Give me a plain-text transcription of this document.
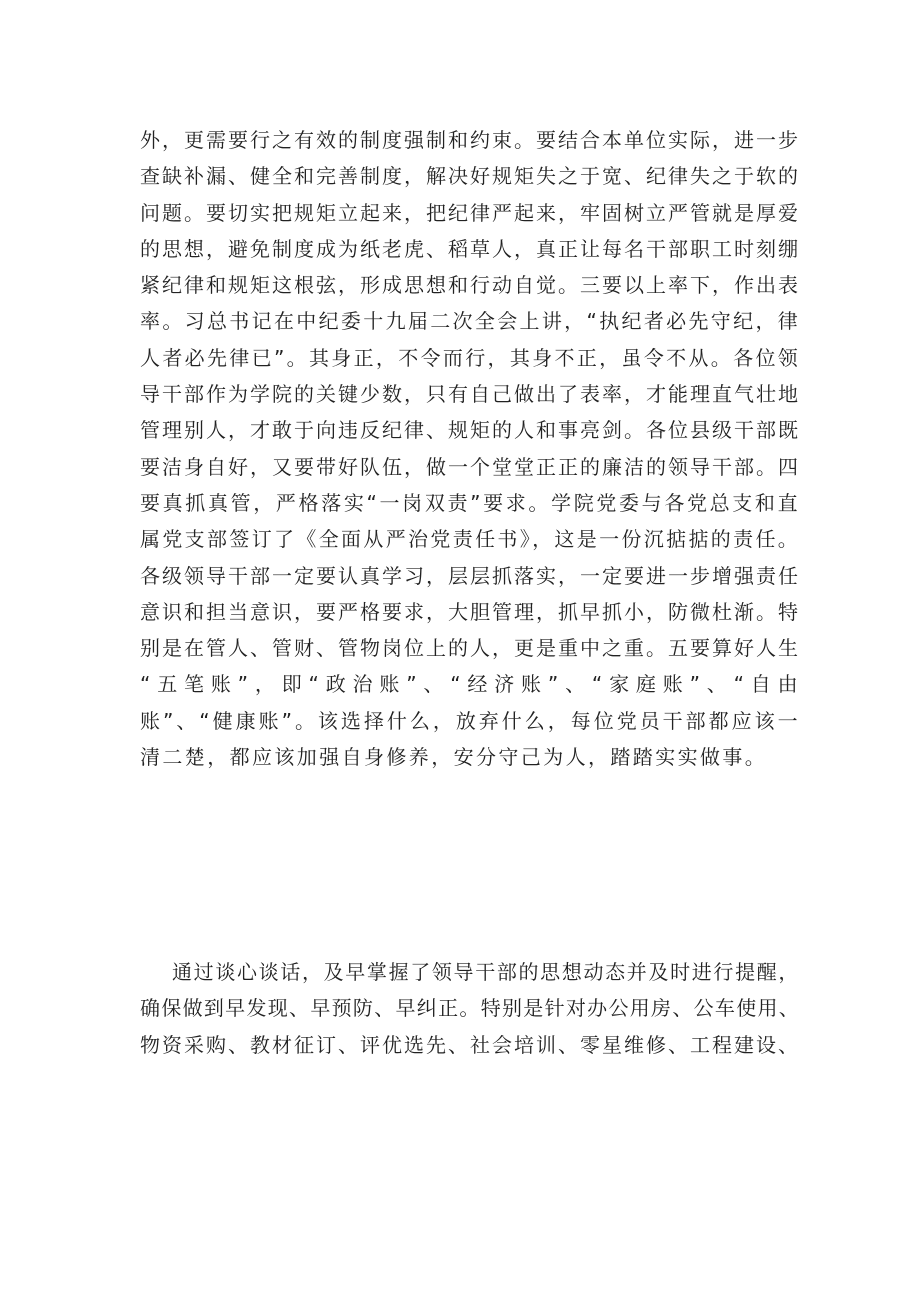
外，更需要行之有效的制度强制和约束。要结合本单位实际，进一步
查缺补漏、健全和完善制度，解决好规矩失之于宽、纪律失之于软的
问题。要切实把规矩立起来，把纪律严起来，牢固树立严管就是厚爱
的思想，避免制度成为纸老虎、稻草人，真正让每名干部职工时刻绷
紧纪律和规矩这根弦，形成思想和行动自觉。三要以上率下，作出表
率。习总书记在中纪委十九届二次全会上讲，“执纪者必先守纪，律
人者必先律已”。其身正，不令而行，其身不正，虽令不从。各位领
导干部作为学院的关键少数，只有自己做出了表率，才能理直气壮地
管理别人，才敢于向违反纪律、规矩的人和事亮剑。各位县级干部既
要洁身自好，又要带好队伍，做一个堂堂正正的廉洁的领导干部。四
要真抓真管，严格落实“一岗双责”要求。学院党委与各党总支和直
属党支部签订了《全面从严治党责任书》，这是一份沉掂掂的责任。
各级领导干部一定要认真学习，层层抓落实，一定要进一步增强责任
意识和担当意识，要严格要求，大胆管理，抓早抓小，防微杜渐。特
别是在管人、管财、管物岗位上的人，更是重中之重。五要算好人生
“五笔账”，即“政治账”、“经济账”、“家庭账”、“自由
账”、“健康账”。该选择什么，放弃什么，每位党员干部都应该一
清二楚，都应该加强自身修养，安分守己为人，踏踏实实做事。
通过谈心谈话，及早掌握了领导干部的思想动态并及时进行提醒，
确保做到早发现、早预防、早纠正。特别是针对办公用房、公车使用、
物资采购、教材征订、评优选先、社会培训、零星维修、工程建设、
